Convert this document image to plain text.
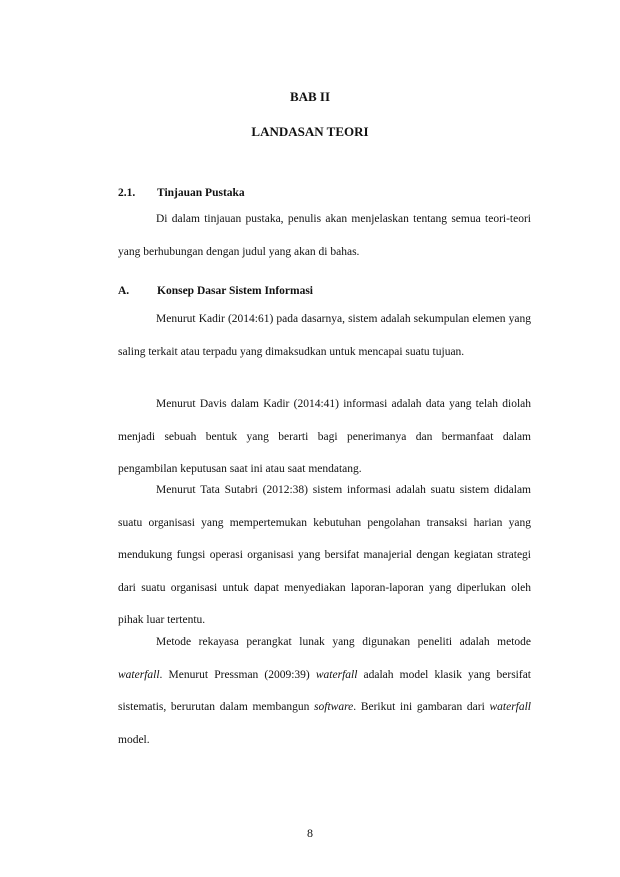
BAB II
LANDASAN TEORI
2.1. Tinjauan Pustaka

Di dalam tinjauan pustaka, penulis akan menjelaskan tentang semua teori-teori yang berhubungan dengan judul yang akan di bahas.

A. Konsep Dasar Sistem Informasi

Menurut Kadir (2014:61) pada dasarnya, sistem adalah sekumpulan elemen yang saling terkait atau terpadu yang dimaksudkan untuk mencapai suatu tujuan.

Menurut Davis dalam Kadir (2014:41) informasi adalah data yang telah diolah menjadi sebuah bentuk yang berarti bagi penerimanya dan bermanfaat dalam pengambilan keputusan saat ini atau saat mendatang.

Menurut Tata Sutabri (2012:38) sistem informasi adalah suatu sistem didalam suatu organisasi yang mempertemukan kebutuhan pengolahan transaksi harian yang mendukung fungsi operasi organisasi yang bersifat manajerial dengan kegiatan strategi dari suatu organisasi untuk dapat menyediakan laporan-laporan yang diperlukan oleh pihak luar tertentu.

Metode rekayasa perangkat lunak yang digunakan peneliti adalah metode waterfall. Menurut Pressman (2009:39) waterfall adalah model klasik yang bersifat sistematis, berurutan dalam membangun software. Berikut ini gambaran dari waterfall model.

8
